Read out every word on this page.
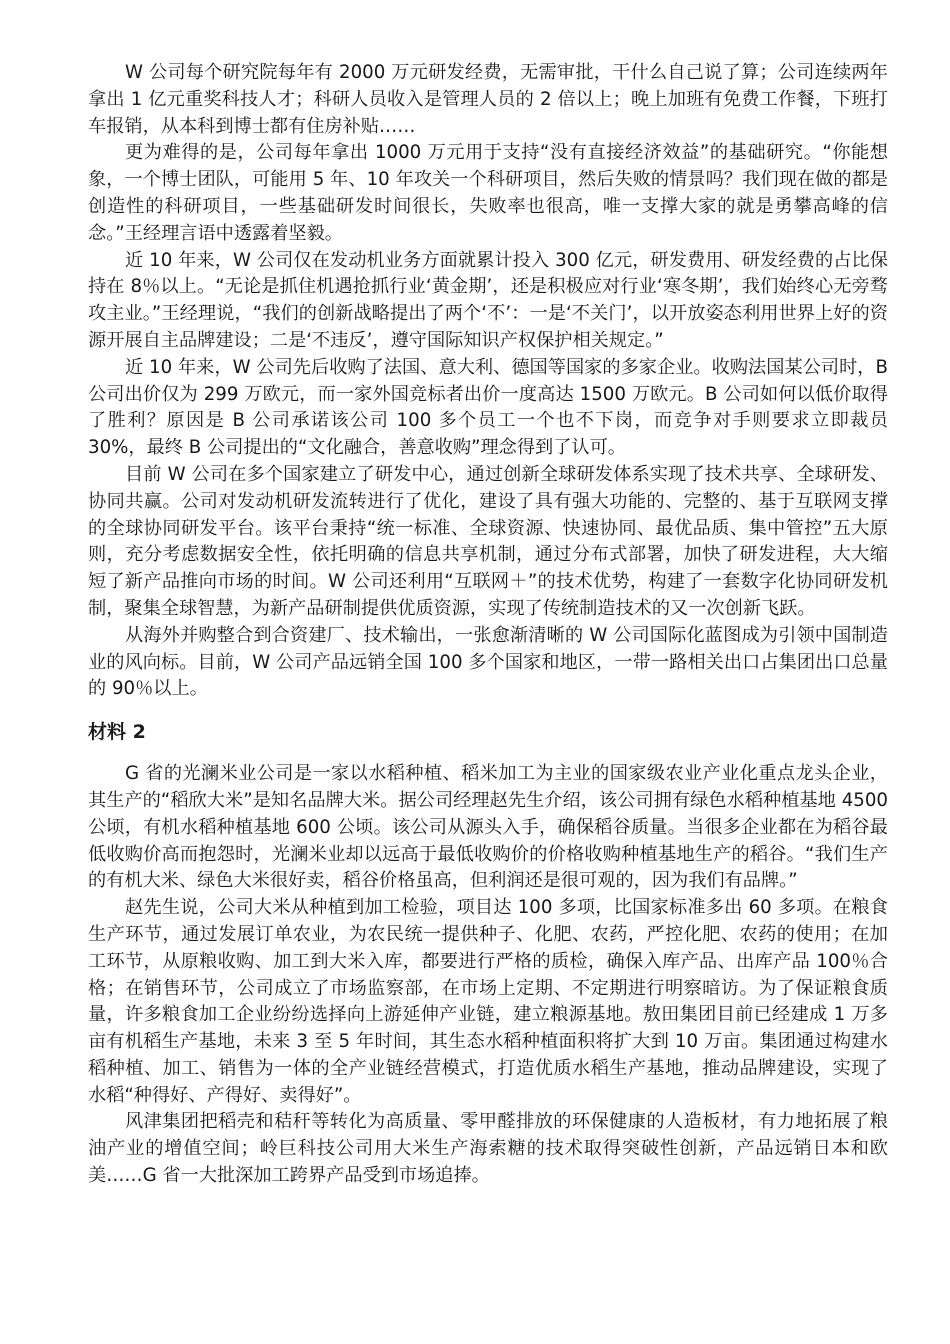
W 公司每个研究院每年有 2000 万元研发经费，无需审批，干什么自己说了算；公司连续两年拿出 1 亿元重奖科技人才；科研人员收入是管理人员的 2 倍以上；晚上加班有免费工作餐，下班打车报销，从本科到博士都有住房补贴……

更为难得的是，公司每年拿出 1000 万元用于支持“没有直接经济效益”的基础研究。“你能想象，一个博士团队，可能用 5 年、10 年攻关一个科研项目，然后失败的情景吗？我们现在做的都是创造性的科研项目，一些基础研发时间很长，失败率也很高，唯一支撑大家的就是勇攀高峰的信念。”王经理言语中透露着坚毅。

近 10 年来，W 公司仅在发动机业务方面就累计投入 300 亿元，研发费用、研发经费的占比保持在 8％以上。“无论是抓住机遇抢抓行业‘黄金期’，还是积极应对行业‘寒冬期’，我们始终心无旁骛攻主业。”王经理说，“我们的创新战略提出了两个‘不’：一是‘不关门’，以开放姿态利用世界上好的资源开展自主品牌建设；二是‘不违反’，遵守国际知识产权保护相关规定。”

近 10 年来，W 公司先后收购了法国、意大利、德国等国家的多家企业。收购法国某公司时，B 公司出价仅为 299 万欧元，而一家外国竞标者出价一度高达 1500 万欧元。B 公司如何以低价取得了胜利？原因是 B 公司承诺该公司 100 多个员工一个也不下岗，而竞争对手则要求立即裁员 30%，最终 B 公司提出的“文化融合，善意收购”理念得到了认可。

目前 W 公司在多个国家建立了研发中心，通过创新全球研发体系实现了技术共享、全球研发、协同共赢。公司对发动机研发流转进行了优化，建设了具有强大功能的、完整的、基于互联网支撑的全球协同研发平台。该平台秉持“统一标准、全球资源、快速协同、最优品质、集中管控”五大原则，充分考虑数据安全性，依托明确的信息共享机制，通过分布式部署，加快了研发进程，大大缩短了新产品推向市场的时间。W 公司还利用“互联网＋”的技术优势，构建了一套数字化协同研发机制，聚集全球智慧，为新产品研制提供优质资源，实现了传统制造技术的又一次创新飞跃。

从海外并购整合到合资建厂、技术输出，一张愈渐清晰的 W 公司国际化蓝图成为引领中国制造业的风向标。目前，W 公司产品远销全国 100 多个国家和地区，一带一路相关出口占集团出口总量的 90％以上。

材料 2

G 省的光澜米业公司是一家以水稻种植、稻米加工为主业的国家级农业产业化重点龙头企业，其生产的“稻欣大米”是知名品牌大米。据公司经理赵先生介绍，该公司拥有绿色水稻种植基地 4500 公顷，有机水稻种植基地 600 公顷。该公司从源头入手，确保稻谷质量。当很多企业都在为稻谷最低收购价高而抱怨时，光澜米业却以远高于最低收购价的价格收购种植基地生产的稻谷。“我们生产的有机大米、绿色大米很好卖，稻谷价格虽高，但利润还是很可观的，因为我们有品牌。”

赵先生说，公司大米从种植到加工检验，项目达 100 多项，比国家标准多出 60 多项。在粮食生产环节，通过发展订单农业，为农民统一提供种子、化肥、农药，严控化肥、农药的使用；在加工环节，从原粮收购、加工到大米入库，都要进行严格的质检，确保入库产品、出库产品 100％合格；在销售环节，公司成立了市场监察部，在市场上定期、不定期进行明察暗访。为了保证粮食质量，许多粮食加工企业纷纷选择向上游延伸产业链，建立粮源基地。敖田集团目前已经建成 1 万多亩有机稻生产基地，未来 3 至 5 年时间，其生态水稻种植面积将扩大到 10 万亩。集团通过构建水稻种植、加工、销售为一体的全产业链经营模式，打造优质水稻生产基地，推动品牌建设，实现了水稻“种得好、产得好、卖得好”。

风津集团把稻壳和秸秆等转化为高质量、零甲醛排放的环保健康的人造板材，有力地拓展了粮油产业的增值空间；岭巨科技公司用大米生产海索糖的技术取得突破性创新，产品远销日本和欧美……G 省一大批深加工跨界产品受到市场追捧。
